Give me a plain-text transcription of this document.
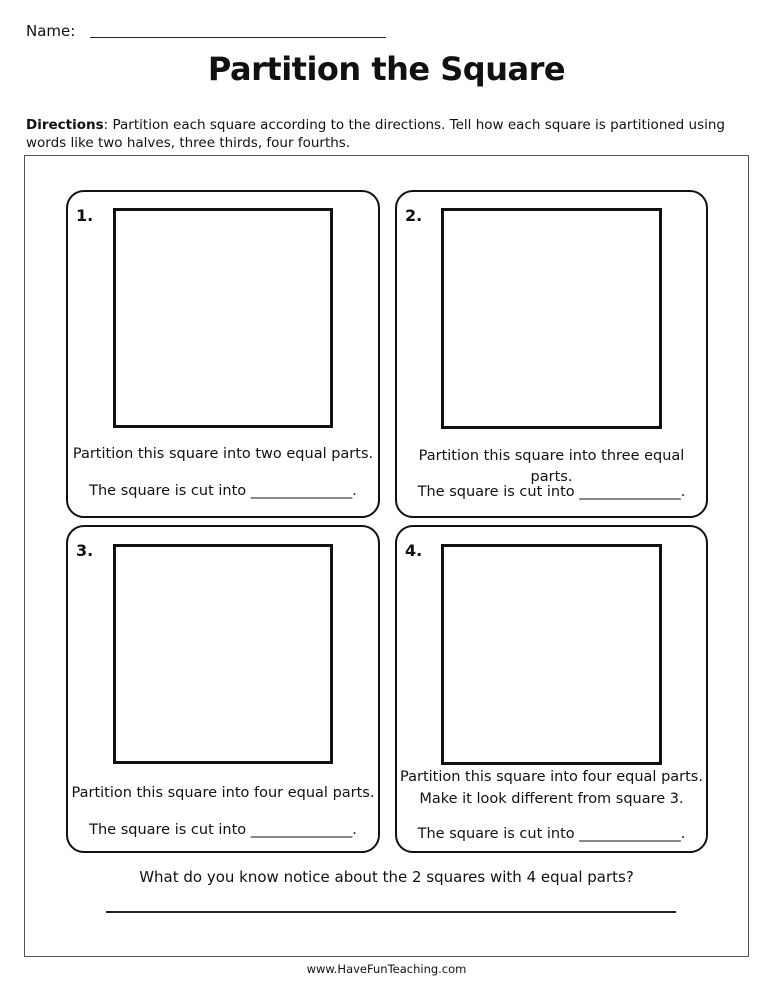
Name:
Partition the Square
Directions: Partition each square according to the directions. Tell how each square is partitioned using words like two halves, three thirds, four fourths.
1.
Partition this square into two equal parts.
The square is cut into ______________.
2.
Partition this square into three equal parts.
The square is cut into ______________.
3.
Partition this square into four equal parts.
The square is cut into ______________.
4.
Partition this square into four equal parts.
Make it look different from square 3.
The square is cut into ______________.
What do you know notice about the 2 squares with 4 equal parts?
www.HaveFunTeaching.com
